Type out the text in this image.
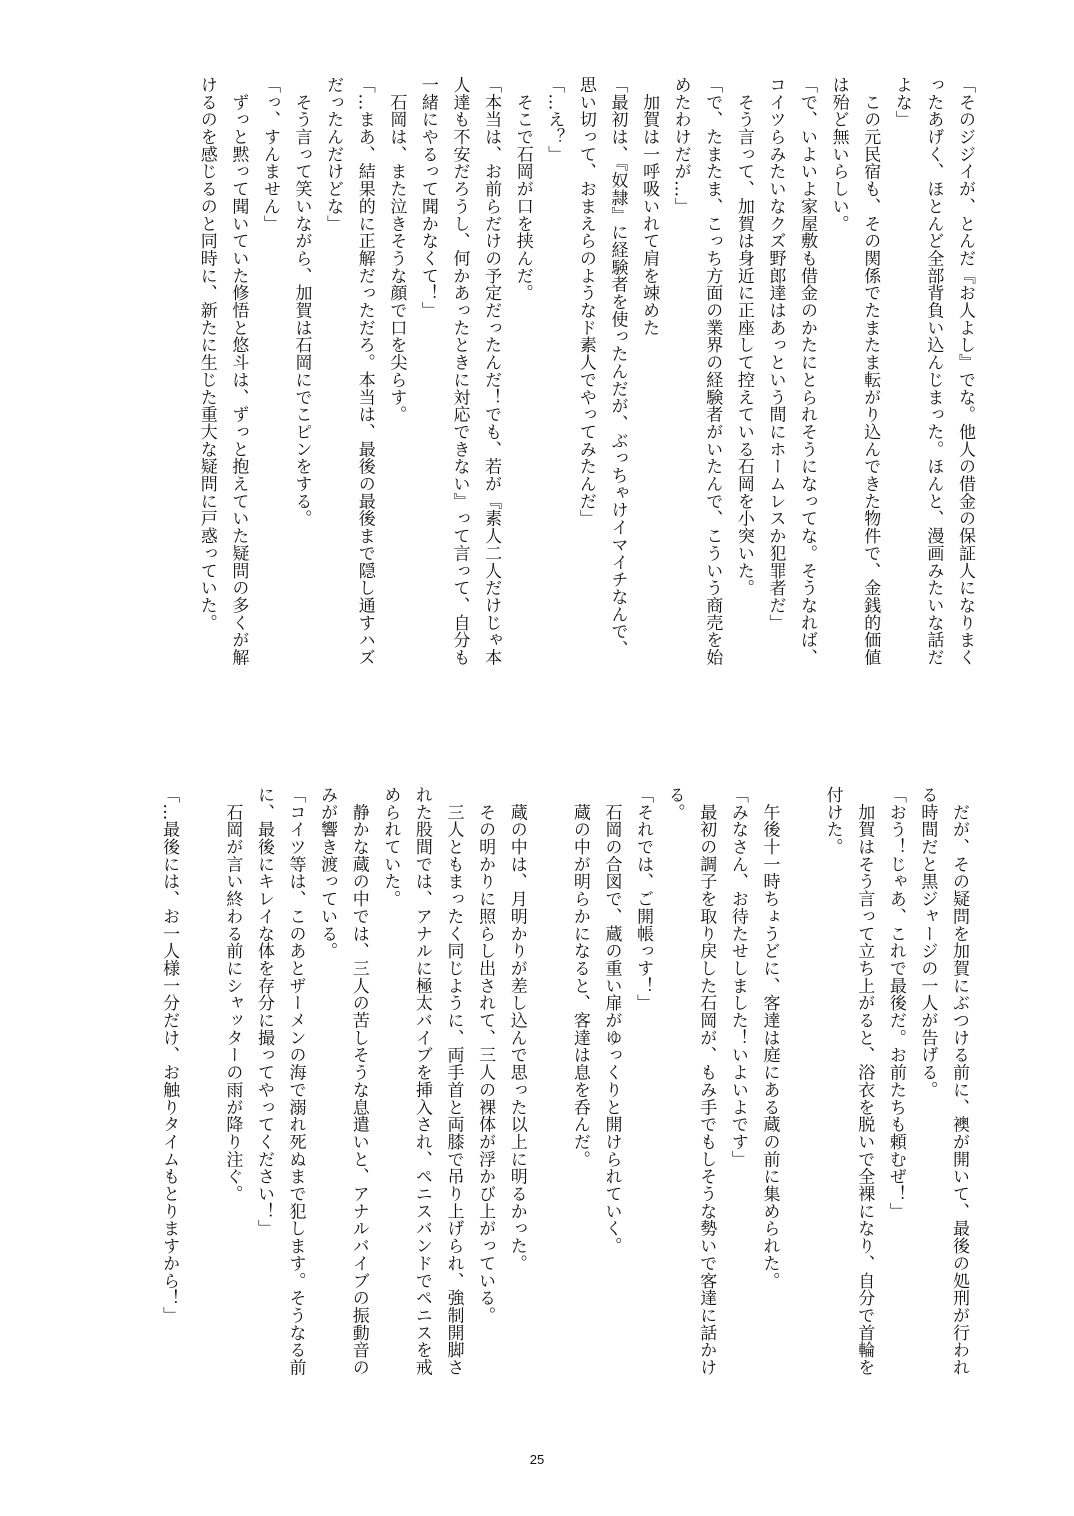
「そのジジイが、とんだ『お人よし』でな。他人の借金の保証人になりまく
ったあげく、ほとんど全部背負い込んじまった。ほんと、漫画みたいな話だ
よな」
　この元民宿も、その関係でたまたま転がり込んできた物件で、金銭的価値
は殆ど無いらしい。
「で、いよいよ家屋敷も借金のかたにとられそうになってな。そうなれば、
コイツらみたいなクズ野郎達はあっという間にホームレスか犯罪者だ」
　そう言って、加賀は身近に正座して控えている石岡を小突いた。
「で、たまたま、こっち方面の業界の経験者がいたんで、こういう商売を始
めたわけだが…」
　加賀は一呼吸いれて肩を竦めた
「最初は、『奴隷』に経験者を使ったんだが、ぶっちゃけイマイチなんで、
思い切って、おまえらのようなド素人でやってみたんだ」
「…え？」
　そこで石岡が口を挟んだ。
「本当は、お前らだけの予定だったんだ！でも、若が『素人二人だけじゃ本
人達も不安だろうし、何かあったときに対応できない』って言って、自分も
一緒にやるって聞かなくて！」
　石岡は、また泣きそうな顔で口を尖らす。
「…まあ、結果的に正解だっただろ。本当は、最後の最後まで隠し通すハズ
だったんだけどな」
　そう言って笑いながら、加賀は石岡にでこピンをする。
「っ、すんません」
　ずっと黙って聞いていた修悟と悠斗は、ずっと抱えていた疑問の多くが解
けるのを感じるのと同時に、新たに生じた重大な疑問に戸惑っていた。
　だが、その疑問を加賀にぶつける前に、襖が開いて、最後の処刑が行われ
る時間だと黒ジャージの一人が告げる。
「おう！じゃあ、これで最後だ。お前たちも頼むぜ！」
　加賀はそう言って立ち上がると、浴衣を脱いで全裸になり、自分で首輪を
付けた。
　午後十一時ちょうどに、客達は庭にある蔵の前に集められた。
「みなさん、お待たせしました！いよいよです」
　最初の調子を取り戻した石岡が、もみ手でもしそうな勢いで客達に話かけ
る。
「それでは、ご開帳っす！」
　石岡の合図で、蔵の重い扉がゆっくりと開けられていく。
　蔵の中が明らかになると、客達は息を呑んだ。
　蔵の中は、月明かりが差し込んで思った以上に明るかった。
　その明かりに照らし出されて、三人の裸体が浮かび上がっている。
　三人ともまったく同じように、両手首と両膝で吊り上げられ、強制開脚さ
れた股間では、アナルに極太バイブを挿入され、ペニスバンドでペニスを戒
められていた。
　静かな蔵の中では、三人の苦しそうな息遣いと、アナルバイブの振動音の
みが響き渡っている。
「コイツ等は、このあとザーメンの海で溺れ死ぬまで犯します。そうなる前
に、最後にキレイな体を存分に撮ってやってください！」
　石岡が言い終わる前にシャッターの雨が降り注ぐ。
「…最後には、お一人様一分だけ、お触りタイムもとりますから！」
25
